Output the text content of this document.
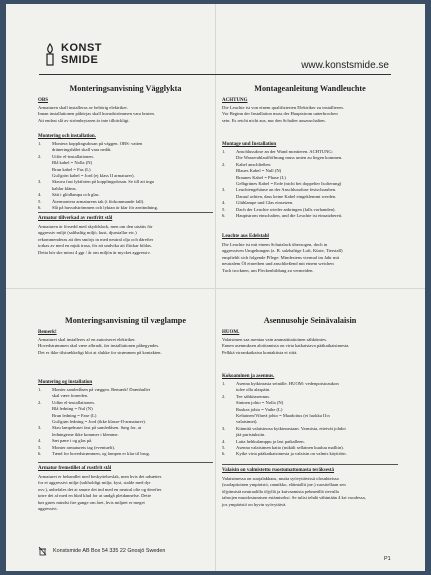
KONST
SMIDE	www.konstsmide.se
Monteringsanvisning Vägglykta
OBS
Armaturen skall installeras av behörig elektriker.
Innan installationen påbörjas skall huvudströmmen vara bruten.
Att endast slå av strömbrytaren är inte tillräckligt.
Montering och installation.
1. Montera kopplingsdosan på väggen. OBS: vatten
dräneringshålet skall vara nedåt.
2. Utför el-installationen.
Blå kabel = Nolla (N)
Brun kabel = Fas (L)
Gul/grön kabel = Jord (ej klass II armaturer).
3. Skruva fast lyktfoten på kopplingsdosan. Se till att inga
kablar kläms.
4. Sätt i glödlampa och glas.
5. Återmontera armaturens tak (i förkommande fall).
6. Slå på huvudströmmen och lyktan är klar för användning.
Armatur tillverkad av rostfritt stål
Armaturen är försedd med skyddslack, men om den utsätts för
aggressiv miljö (saltbaltig miljö, kust, djurstallar etc.)
rekommenderas att den smörjs in med neutral olja och därefter
torkas av med en mjuk trasa, för att undvika att fläckar bildas.
Detta bör ske minst 4 ggr / år om miljön är mycket aggressiv.
Montageanleitung Wandleuchte
ACHTUNG
Die Leuchte ist von einem qualifizierten Elektriker zu installieren.
Vor Beginn der Installation muss der Hauptstrom unterbrochen
sein. Es reicht nicht aus, nur den Schalter auszuschalten.
Montage und Installation
1. Anschlussdose an der Wand montieren. ACHTUNG:
Die Wasserablaufföffnung muss unten zu liegen kommen.
2. Kabel anschließen:
Blaues Kabel = Null (N)
Braunes Kabel = Phase (L)
Gelbgrünes Kabel = Erde (nicht bei doppelter Isolierung)
3. Leuchtengehäuse an der Anschlussdose festschrauben.
Darauf achten, dass keine Kabel eingeklemmt werden.
4. Glühlampe und Glas einsetzen.
5. Dach der Leuchte wieder anbringen (falls vorhanden).
6. Hauptstrom einschalten, und die Leuchte ist einsatzbereit.
Leuchte aus Edelstahl
Die Leuchte ist mit einem Schutzlack überzogen, doch in
aggressiven Umgebungen (z. B. salzhaltige Luft, Küste, Tierstall)
empfiehlt sich folgende Pflege: Mindestens viermal im Jahr mit
neutralem Öl einreiben und anschließend mit einem weichen
Tuch trocknen, um Fleckenbildung zu vermeiden.
Monteringsanvisning til væglampe
Bemerk!
Armaturet skal installeres af en autoriseret elektriker.
Hovedstrømmen skal være afbrudt, før installationen påbegyndes.
Det er ikke tilstrækkeligt blot at slukke for strømmen på kontakten.
Montering og installation
1. Monter samledåsen på væggen. Bemærk! Drænhullet
skal være forneden.
2. Udfør el-installationen.
Blå ledning = Nul (N)
Brun ledning = Fase (L)
Gul/grøn ledning = Jord (ikke klasse-II-armaturer).
3. Skru lampehuset fast på samledåsen. Sørg for, at
ledningerne ikke kommer i klemme.
4. Sæt pære i og glas på.
5. Monter armaturets tag (eventuelt).
6. Tænd for hovedstrømmen, og lampen er klar til brug.
Armatur fremstillet af rustfrit stål
Armaturet er behandlet med beskyttelseslak, men hvis det udsættes
for et aggressivt miljø (saltholdigt miljø, kyst, stalde med dyr
osv.), anbefales det at smøre det ind med en neutral olie og derefter
tørre det af med en blød klud for at undgå pletdannelse. Dette
bør gøres mindst fire gange om året, hvis miljøet er meget
aggressivt.
Asennusohje Seinävalaisin
HUOM.
Valaisimen saa asentaa vain ammattitaitoinen sähkömies.
Ennen asennuksen aloittamista on virta katkaistava pääkatkaisimesta.
Pelkkä virrankatkaisu kontaktista ei riitä.
Kokoaminen ja asennus.
1. Asenna kytkinrasia seinälle. HUOM: vedenpoistoaukon
tulee olla alaspäin.
2. Tee sähköasennus.
Sininen johto = Nolla (N)
Ruskea johto = Vaihe (L)
Keltainen/Vihreä johto = Maadoitus (ei luokka II:n
valaisimet).
3. Kiinnitä valaisinosa kytkinrasiaan. Varmista, etteivät johdot
jää puristuksiin.
4. Laita hehkulamppu ja lasi paikalleen.
5. Asenna valaisimen katto (mikäli sellainen kuuluu malliin).
6. Kytke virta pääkatkaisimesta ja valaisin on valmis käyttöön.
Valaisin on valmistettu ruostumattomasta teräksestä
Valaisimessa on suojalakkaus, mutta syövyttävissä olosuhteissa
(suolapitoinen ympäristö, rannikko, eläintallit jne.) suositellaan sen
öljyämistä neutraalilla öljyllä ja kuivaamista pehmeällä rievulla
tahrojen muodostumisen estämiseksi. Se tulisi tehdä vähintään 4 krt vuodessa,
jos ympäristö on hyvin syövyttävä.
Konstsmide AB Box 54 335 22 Gnosjö Sweden
P1
